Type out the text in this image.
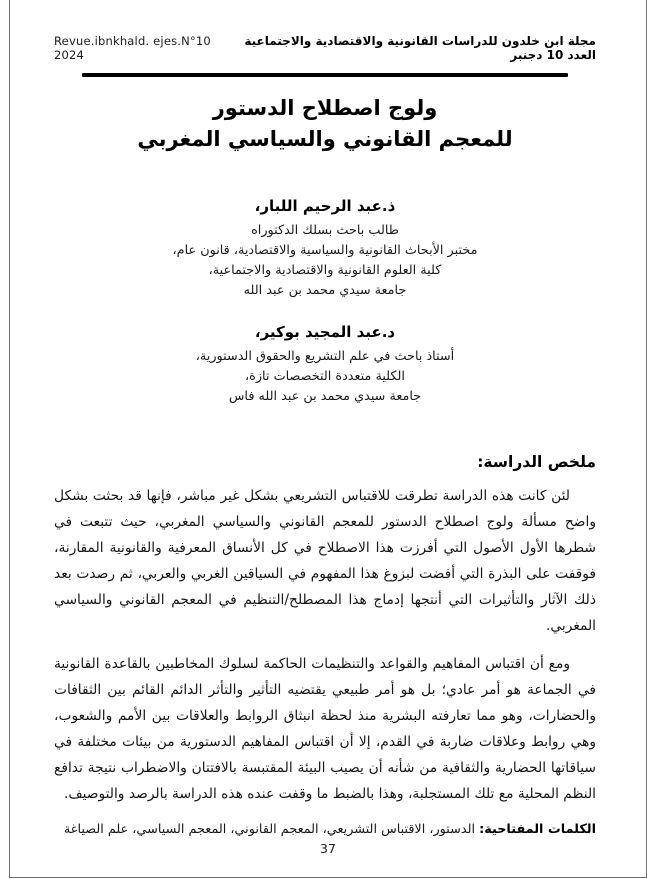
Revue.ibnkhald. ejes.N°10 2024
مجلة ابن خلدون للدراسات القانونية والاقتصادية والاجتماعية العدد 10 دجنبر
ولوج اصطلاح الدستور
للمعجم القانوني والسياسي المغربي
ذ.عبد الرحيم اللبار،
طالب باحث بسلك الدكتوراه
مختبر الأبحاث القانونية والسياسية والاقتصادية، قانون عام،
كلية العلوم القانونية والاقتصادية والاجتماعية،
جامعة سيدي محمد بن عبد الله
د.عبد المجيد بوكير،
أستاذ باحث في علم التشريع والحقوق الدستورية،
الكلية متعددة التخصصات تازة،
جامعة سيدي محمد بن عبد الله فاس
ملخص الدراسة:

لئن كانت هذه الدراسة تطرقت للاقتباس التشريعي بشكل غير مباشر، فإنها قد بحثت بشكل واضح مسألة ولوج اصطلاح الدستور للمعجم القانوني والسياسي المغربي، حيث تتبعت في شطرها الأول الأصول التي أفرزت هذا الاصطلاح في كل الأنساق المعرفية والقانونية المقارنة، فوقفت على البذرة التي أفضت لبزوغ هذا المفهوم في السياقين الغربي والعربي، ثم رصدت بعد ذلك الآثار والتأثيرات التي أنتجها إدماج هذا المصطلح/التنظيم في المعجم القانوني والسياسي المغربي.

ومع أن اقتباس المفاهيم والقواعد والتنظيمات الحاكمة لسلوك المخاطبين بالقاعدة القانونية في الجماعة هو أمر عادي؛ بل هو أمر طبيعي يقتضيه التأثير والتأثر الدائم القائم بين الثقافات والحضارات، وهو مما تعارفته البشرية منذ لحظة انبثاق الروابط والعلاقات بين الأمم والشعوب، وهي روابط وعلاقات ضاربة في القدم، إلا أن اقتباس المفاهيم الدستورية من بيئات مختلفة في سياقاتها الحضارية والثقافية من شأنه أن يصيب البيئة المقتبسة بالافتتان والاضطراب نتيجة تدافع النظم المحلية مع تلك المستجلبة، وهذا بالضبط ما وقفت عنده هذه الدراسة بالرصد والتوصيف.

الكلمات المفتاحية: الدستور، الاقتباس التشريعي، المعجم القانوني، المعجم السياسي، علم الصياغة
37
